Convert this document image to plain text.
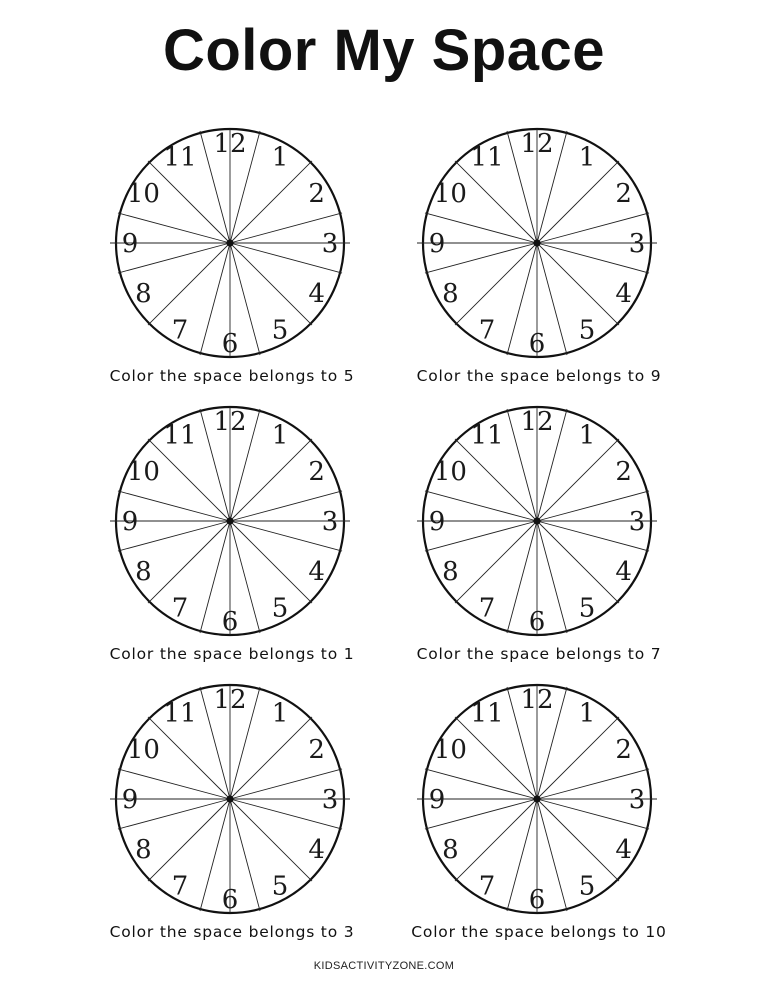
Color My Space
12 1
2
3
4
5
6
7
8
9
10
11
Color the space belongs to 5
12 1
2
3
4
5
6
7
8
9
10
11
Color the space belongs to 9
12 1
2
3
4
5
6
7
8
9
10
11
Color the space belongs to 1
12 1
2
3
4
5
6
7
8
9
10
11
Color the space belongs to 7
12 1
2
3
4
5
6
7
8
9
10
11
Color the space belongs to 3
12 1
2
3
4
5
6
7
8
9
10
11
Color the space belongs to 10
KIDSACTIVITYZONE.COM
